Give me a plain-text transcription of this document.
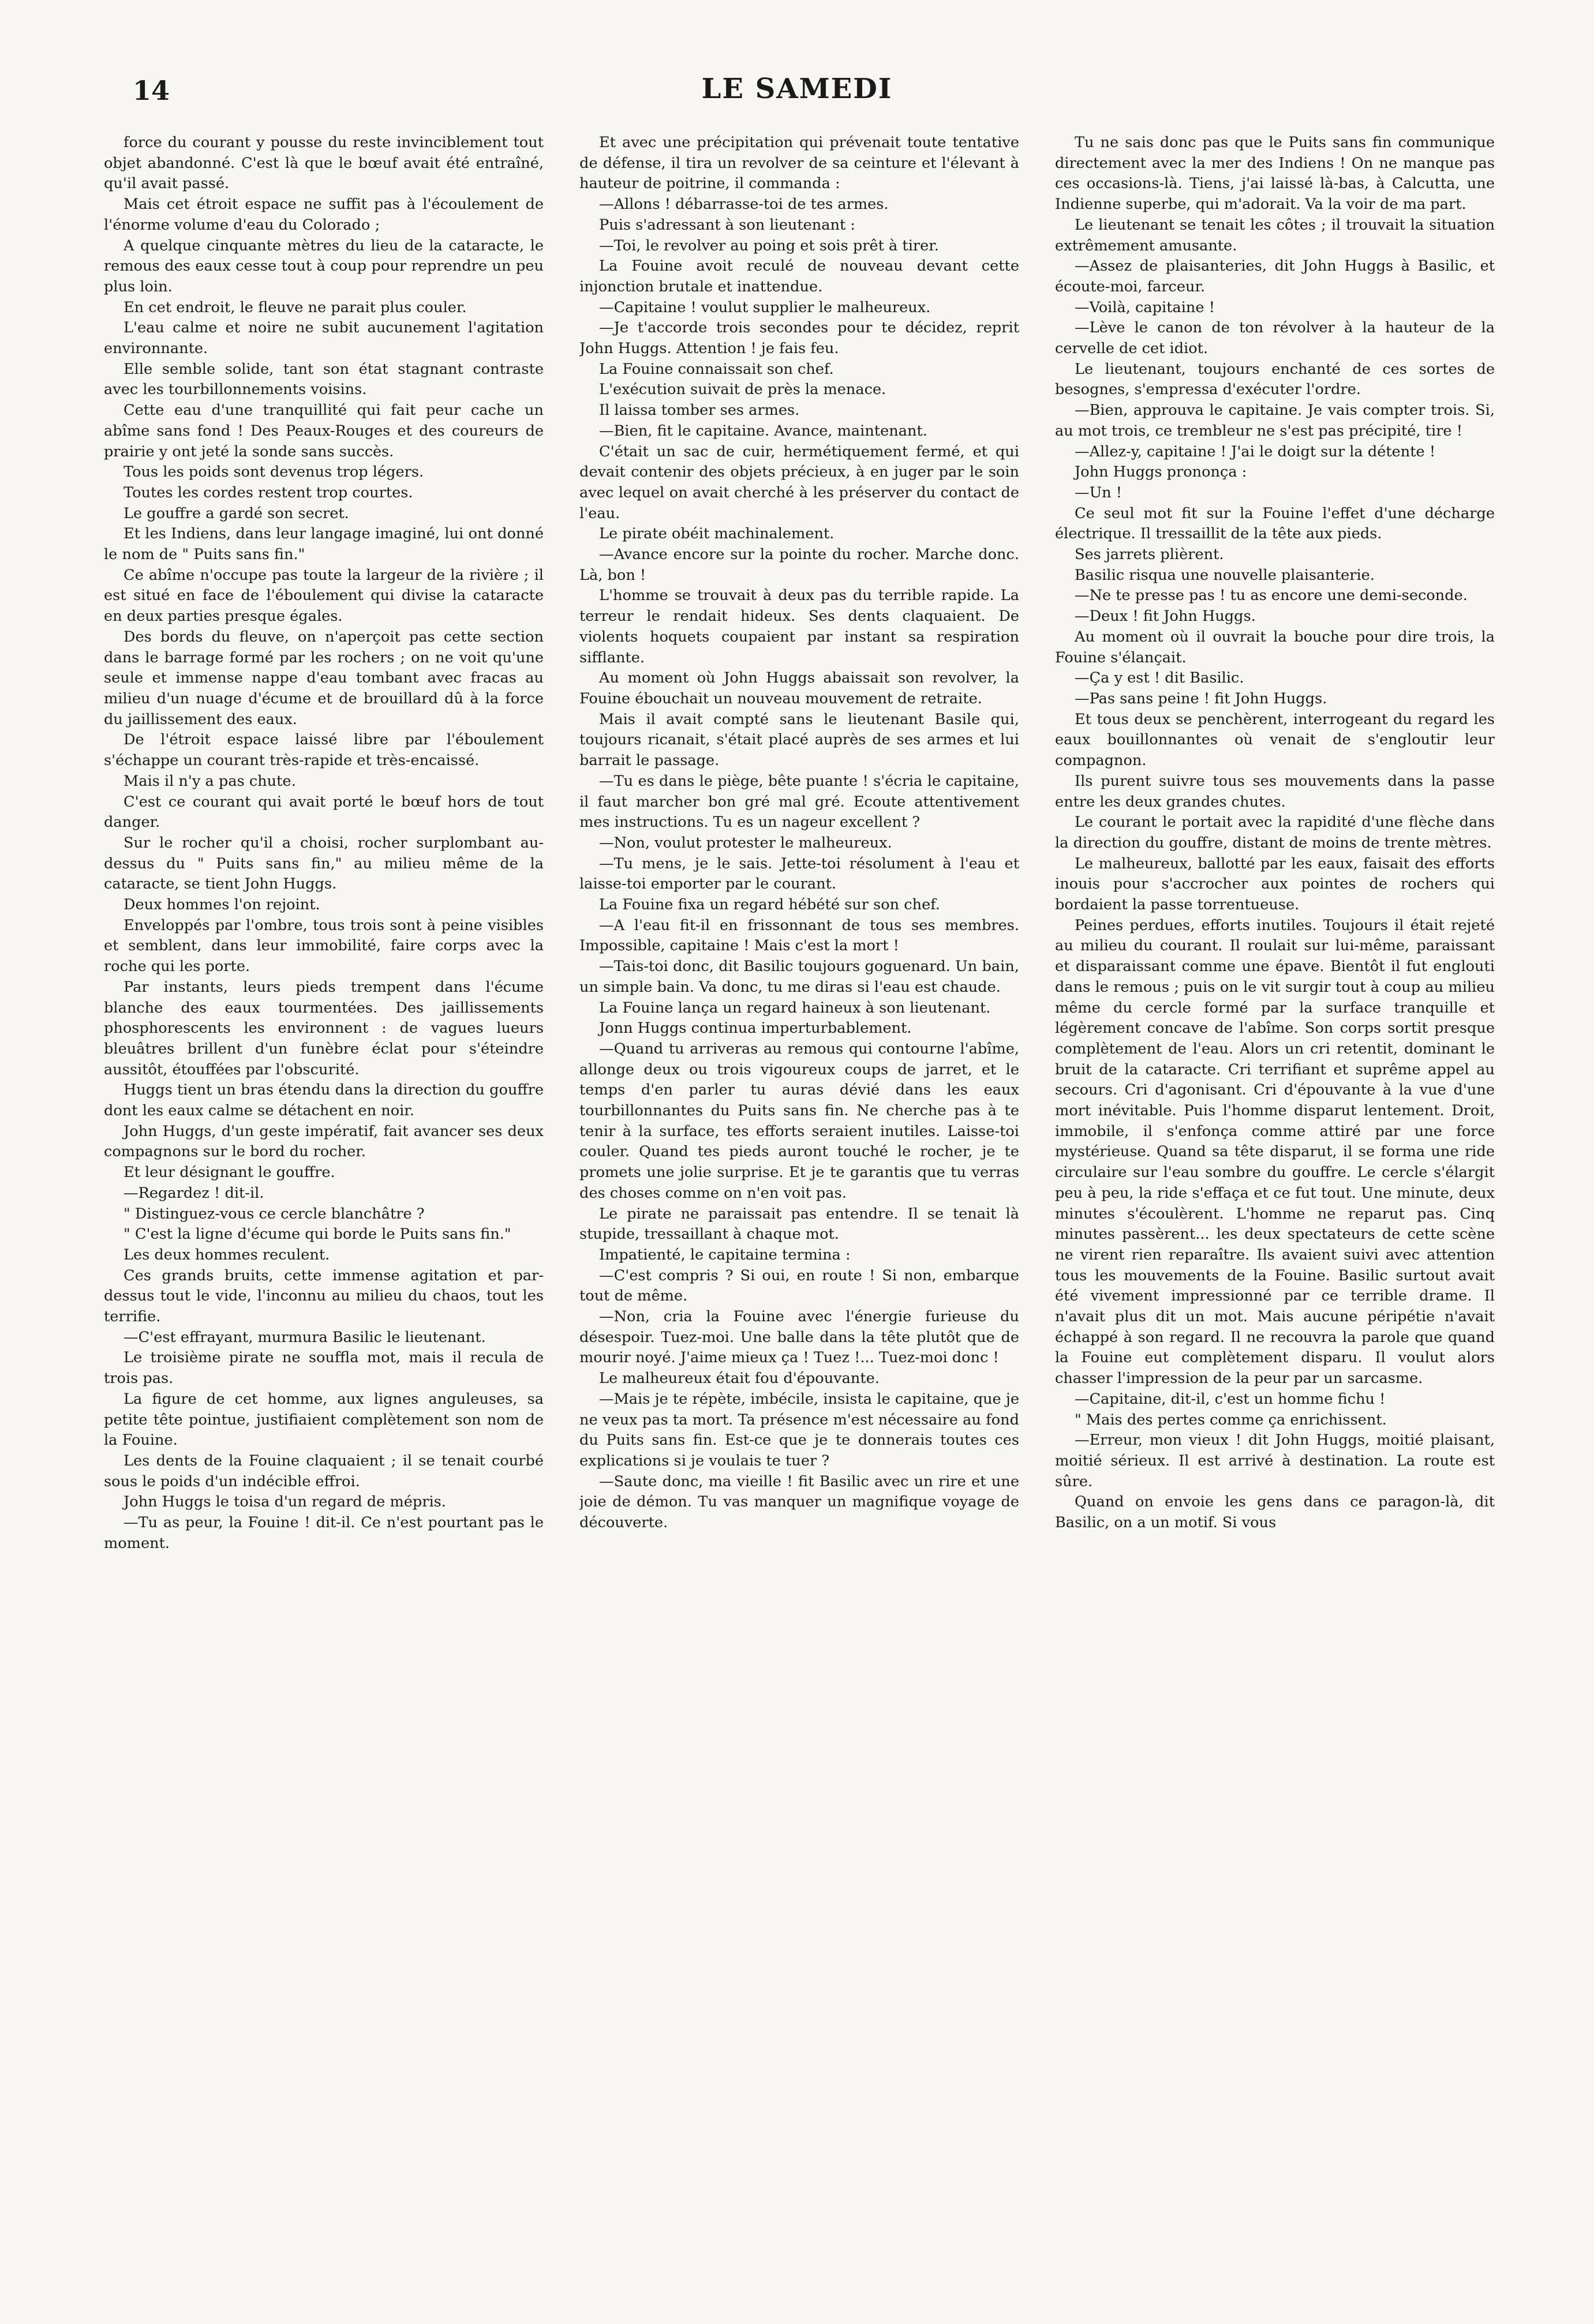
14	LE SAMEDI

force du courant y pousse du reste invinciblement tout objet abandonné. C'est là que le bœuf avait été entraîné, qu'il avait passé.

Mais cet étroit espace ne suffit pas à l'écoulement de l'énorme volume d'eau du Colorado ;

A quelque cinquante mètres du lieu de la cataracte, le remous des eaux cesse tout à coup pour reprendre un peu plus loin.

En cet endroit, le fleuve ne parait plus couler.

L'eau calme et noire ne subit aucunement l'agitation environnante.

Elle semble solide, tant son état stagnant contraste avec les tourbillonnements voisins.

Cette eau d'une tranquillité qui fait peur cache un abîme sans fond ! Des Peaux-Rouges et des coureurs de prairie y ont jeté la sonde sans succès.

Tous les poids sont devenus trop légers.

Toutes les cordes restent trop courtes.

Le gouffre a gardé son secret.

Et les Indiens, dans leur langage imaginé, lui ont donné le nom de " Puits sans fin."

Ce abîme n'occupe pas toute la largeur de la rivière ; il est situé en face de l'éboulement qui divise la cataracte en deux parties presque égales.

Des bords du fleuve, on n'aperçoit pas cette section dans le barrage formé par les rochers ; on ne voit qu'une seule et immense nappe d'eau tombant avec fracas au milieu d'un nuage d'écume et de brouillard dû à la force du jaillissement des eaux.

De l'étroit espace laissé libre par l'éboulement s'échappe un courant très-rapide et très-encaissé.

Mais il n'y a pas chute.

C'est ce courant qui avait porté le bœuf hors de tout danger.

Sur le rocher qu'il a choisi, rocher surplombant au-dessus du " Puits sans fin," au milieu même de la cataracte, se tient John Huggs.

Deux hommes l'on rejoint.

Enveloppés par l'ombre, tous trois sont à peine visibles et semblent, dans leur immobilité, faire corps avec la roche qui les porte.

Par instants, leurs pieds trempent dans l'écume blanche des eaux tourmentées. Des jaillissements phosphorescents les environnent : de vagues lueurs bleuâtres brillent d'un funèbre éclat pour s'éteindre aussitôt, étouffées par l'obscurité.

Huggs tient un bras étendu dans la direction du gouffre dont les eaux calme se détachent en noir.

John Huggs, d'un geste impératif, fait avancer ses deux compagnons sur le bord du rocher.

Et leur désignant le gouffre.

—Regardez ! dit-il.

" Distinguez-vous ce cercle blanchâtre ?

" C'est la ligne d'écume qui borde le Puits sans fin."

Les deux hommes reculent.

Ces grands bruits, cette immense agitation et par-dessus tout le vide, l'inconnu au milieu du chaos, tout les terrifie.

—C'est effrayant, murmura Basilic le lieutenant.

Le troisième pirate ne souffla mot, mais il recula de trois pas.

La figure de cet homme, aux lignes anguleuses, sa petite tête pointue, justifiaient complètement son nom de la Fouine.

Les dents de la Fouine claquaient ; il se tenait courbé sous le poids d'un indécible effroi.

John Huggs le toisa d'un regard de mépris.

—Tu as peur, la Fouine ! dit-il. Ce n'est pourtant pas le moment.

Et avec une précipitation qui prévenait toute tentative de défense, il tira un revolver de sa ceinture et l'élevant à hauteur de poitrine, il commanda :

—Allons ! débarrasse-toi de tes armes.

Puis s'adressant à son lieutenant :

—Toi, le revolver au poing et sois prêt à tirer.

La Fouine avoit reculé de nouveau devant cette injonction brutale et inattendue.

—Capitaine ! voulut supplier le malheureux.

—Je t'accorde trois secondes pour te décidez, reprit John Huggs. Attention ! je fais feu.

La Fouine connaissait son chef.

L'exécution suivait de près la menace.

Il laissa tomber ses armes.

—Bien, fit le capitaine. Avance, maintenant.

C'était un sac de cuir, hermétiquement fermé, et qui devait contenir des objets précieux, à en juger par le soin avec lequel on avait cherché à les préserver du contact de l'eau.

Le pirate obéit machinalement.

—Avance encore sur la pointe du rocher. Marche donc. Là, bon !

L'homme se trouvait à deux pas du terrible rapide. La terreur le rendait hideux. Ses dents claquaient. De violents hoquets coupaient par instant sa respiration sifflante.

Au moment où John Huggs abaissait son revolver, la Fouine ébouchait un nouveau mouvement de retraite.

Mais il avait compté sans le lieutenant Basile qui, toujours ricanait, s'était placé auprès de ses armes et lui barrait le passage.

—Tu es dans le piège, bête puante ! s'écria le capitaine, il faut marcher bon gré mal gré. Ecoute attentivement mes instructions. Tu es un nageur excellent ?

—Non, voulut protester le malheureux.

—Tu mens, je le sais. Jette-toi résolument à l'eau et laisse-toi emporter par le courant.

La Fouine fixa un regard hébété sur son chef.

—A l'eau fit-il en frissonnant de tous ses membres. Impossible, capitaine ! Mais c'est la mort !

—Tais-toi donc, dit Basilic toujours goguenard. Un bain, un simple bain. Va donc, tu me diras si l'eau est chaude.

La Fouine lança un regard haineux à son lieutenant.

Jonn Huggs continua imperturbablement.

—Quand tu arriveras au remous qui contourne l'abîme, allonge deux ou trois vigoureux coups de jarret, et le temps d'en parler tu auras dévié dans les eaux tourbillonnantes du Puits sans fin. Ne cherche pas à te tenir à la surface, tes efforts seraient inutiles. Laisse-toi couler. Quand tes pieds auront touché le rocher, je te promets une jolie surprise. Et je te garantis que tu verras des choses comme on n'en voit pas.

Le pirate ne paraissait pas entendre. Il se tenait là stupide, tressaillant à chaque mot.

Impatienté, le capitaine termina :

—C'est compris ? Si oui, en route ! Si non, embarque tout de même.

—Non, cria la Fouine avec l'énergie furieuse du désespoir. Tuez-moi. Une balle dans la tête plutôt que de mourir noyé. J'aime mieux ça ! Tuez !... Tuez-moi donc !

Le malheureux était fou d'épouvante.

—Mais je te répète, imbécile, insista le capitaine, que je ne veux pas ta mort. Ta présence m'est nécessaire au fond du Puits sans fin. Est-ce que je te donnerais toutes ces explications si je voulais te tuer ?

—Saute donc, ma vieille ! fit Basilic avec un rire et une joie de démon. Tu vas manquer un magnifique voyage de découverte.

Tu ne sais donc pas que le Puits sans fin communique directement avec la mer des Indiens ! On ne manque pas ces occasions-là. Tiens, j'ai laissé là-bas, à Calcutta, une Indienne superbe, qui m'adorait. Va la voir de ma part.

Le lieutenant se tenait les côtes ; il trouvait la situation extrêmement amusante.

—Assez de plaisanteries, dit John Huggs à Basilic, et écoute-moi, farceur.

—Voilà, capitaine !

—Lève le canon de ton révolver à la hauteur de la cervelle de cet idiot.

Le lieutenant, toujours enchanté de ces sortes de besognes, s'empressa d'exécuter l'ordre.

—Bien, approuva le capitaine. Je vais compter trois. Si, au mot trois, ce trembleur ne s'est pas précipité, tire !

—Allez-y, capitaine ! J'ai le doigt sur la détente !

John Huggs prononça :

—Un !

Ce seul mot fit sur la Fouine l'effet d'une décharge électrique. Il tressaillit de la tête aux pieds.

Ses jarrets plièrent.

Basilic risqua une nouvelle plaisanterie.

—Ne te presse pas ! tu as encore une demi-seconde.

—Deux ! fit John Huggs.

Au moment où il ouvrait la bouche pour dire trois, la Fouine s'élançait.

—Ça y est ! dit Basilic.

—Pas sans peine ! fit John Huggs.

Et tous deux se penchèrent, interrogeant du regard les eaux bouillonnantes où venait de s'engloutir leur compagnon.

Ils purent suivre tous ses mouvements dans la passe entre les deux grandes chutes.

Le courant le portait avec la rapidité d'une flèche dans la direction du gouffre, distant de moins de trente mètres.

Le malheureux, ballotté par les eaux, faisait des efforts inouis pour s'accrocher aux pointes de rochers qui bordaient la passe torrentueuse.

Peines perdues, efforts inutiles. Toujours il était rejeté au milieu du courant. Il roulait sur lui-même, paraissant et disparaissant comme une épave. Bientôt il fut englouti dans le remous ; puis on le vit surgir tout à coup au milieu même du cercle formé par la surface tranquille et légèrement concave de l'abîme. Son corps sortit presque complètement de l'eau. Alors un cri retentit, dominant le bruit de la cataracte. Cri terrifiant et suprême appel au secours. Cri d'agonisant. Cri d'épouvante à la vue d'une mort inévitable. Puis l'homme disparut lentement. Droit, immobile, il s'enfonça comme attiré par une force mystérieuse. Quand sa tête disparut, il se forma une ride circulaire sur l'eau sombre du gouffre. Le cercle s'élargit peu à peu, la ride s'effaça et ce fut tout. Une minute, deux minutes s'écoulèrent. L'homme ne reparut pas. Cinq minutes passèrent... les deux spectateurs de cette scène ne virent rien reparaître. Ils avaient suivi avec attention tous les mouvements de la Fouine. Basilic surtout avait été vivement impressionné par ce terrible drame. Il n'avait plus dit un mot. Mais aucune péripétie n'avait échappé à son regard. Il ne recouvra la parole que quand la Fouine eut complètement disparu. Il voulut alors chasser l'impression de la peur par un sarcasme.

—Capitaine, dit-il, c'est un homme fichu !

" Mais des pertes comme ça enrichissent.

—Erreur, mon vieux ! dit John Huggs, moitié plaisant, moitié sérieux. Il est arrivé à destination. La route est sûre.

Quand on envoie les gens dans ce paragon-là, dit Basilic, on a un motif. Si vous
